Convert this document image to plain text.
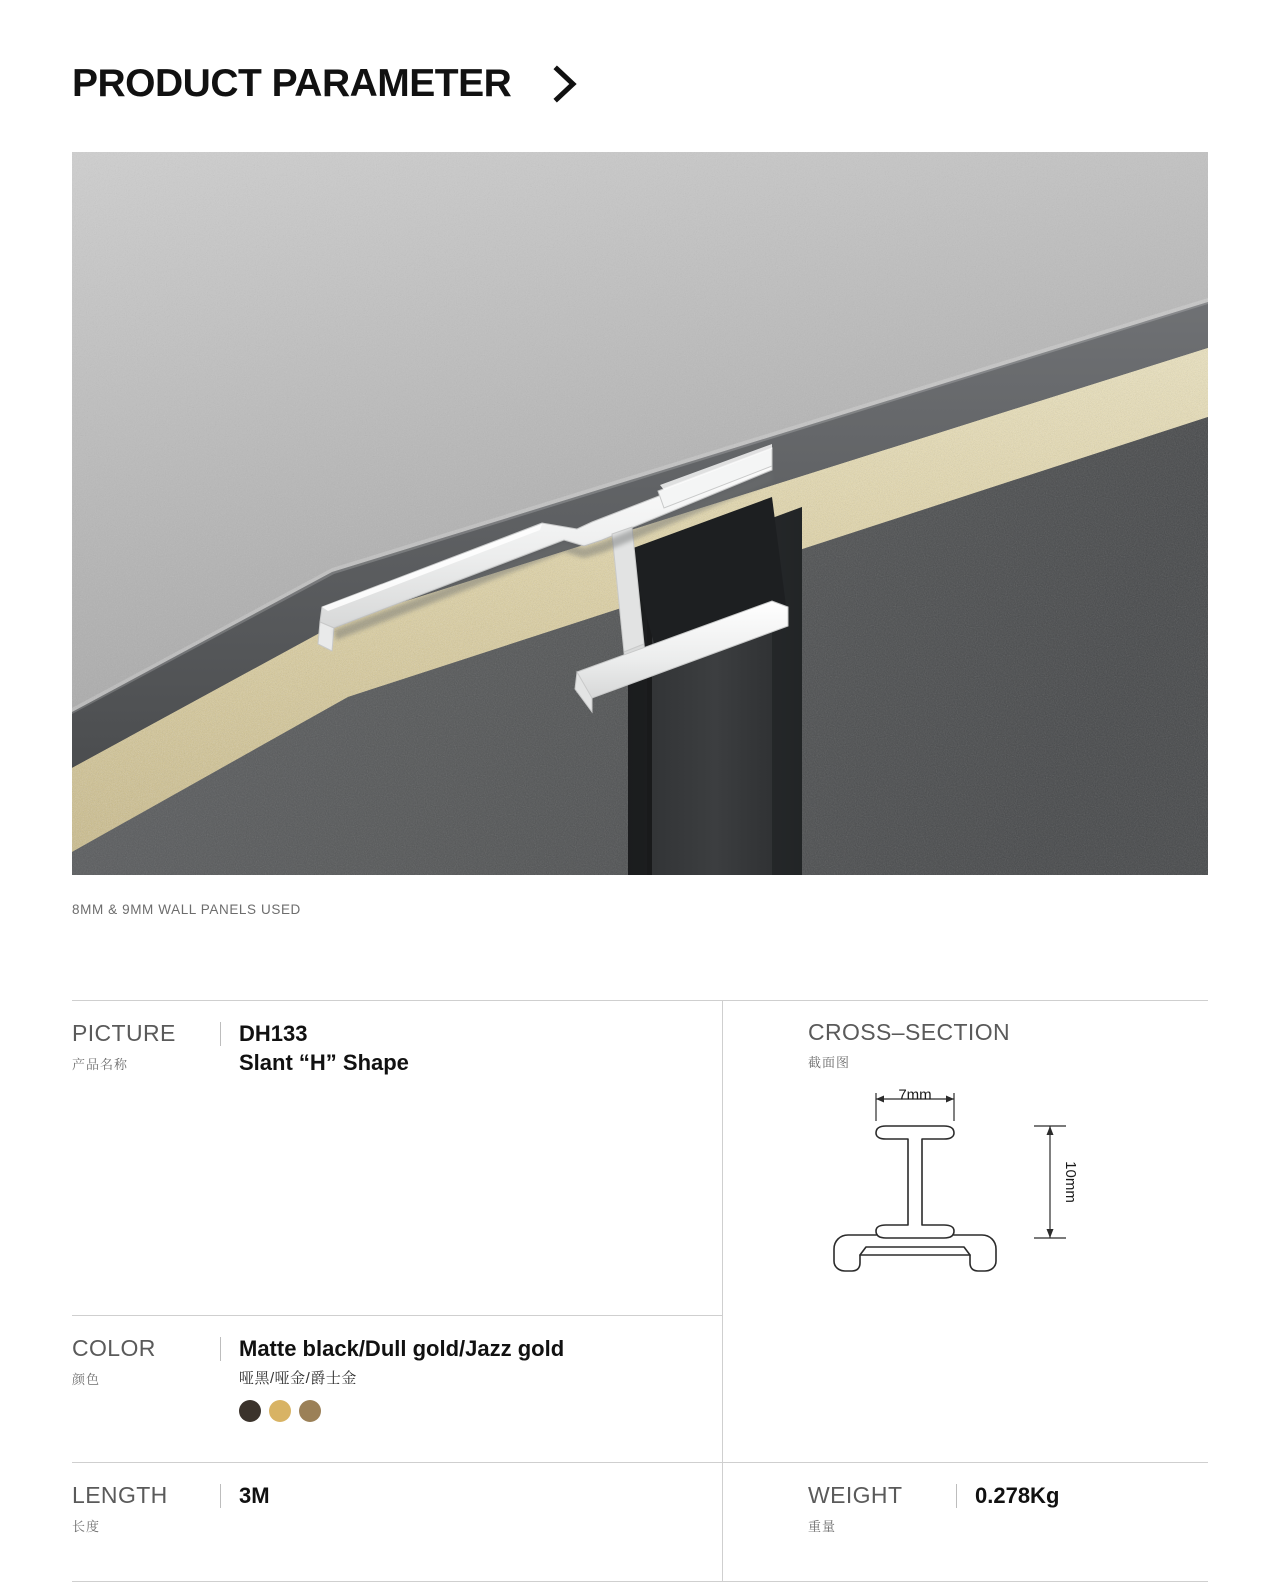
PRODUCT PARAMETER
8MM & 9MM WALL PANELS USED
PICTURE
产品名称
DH133
Slant “H” Shape
CROSS–SECTION
截面图
7mm
10mm
COLOR
颜色
Matte black/Dull gold/Jazz gold
哑黑/哑金/爵士金
LENGTH
长度
3M	WEIGHT
重量
0.278Kg
